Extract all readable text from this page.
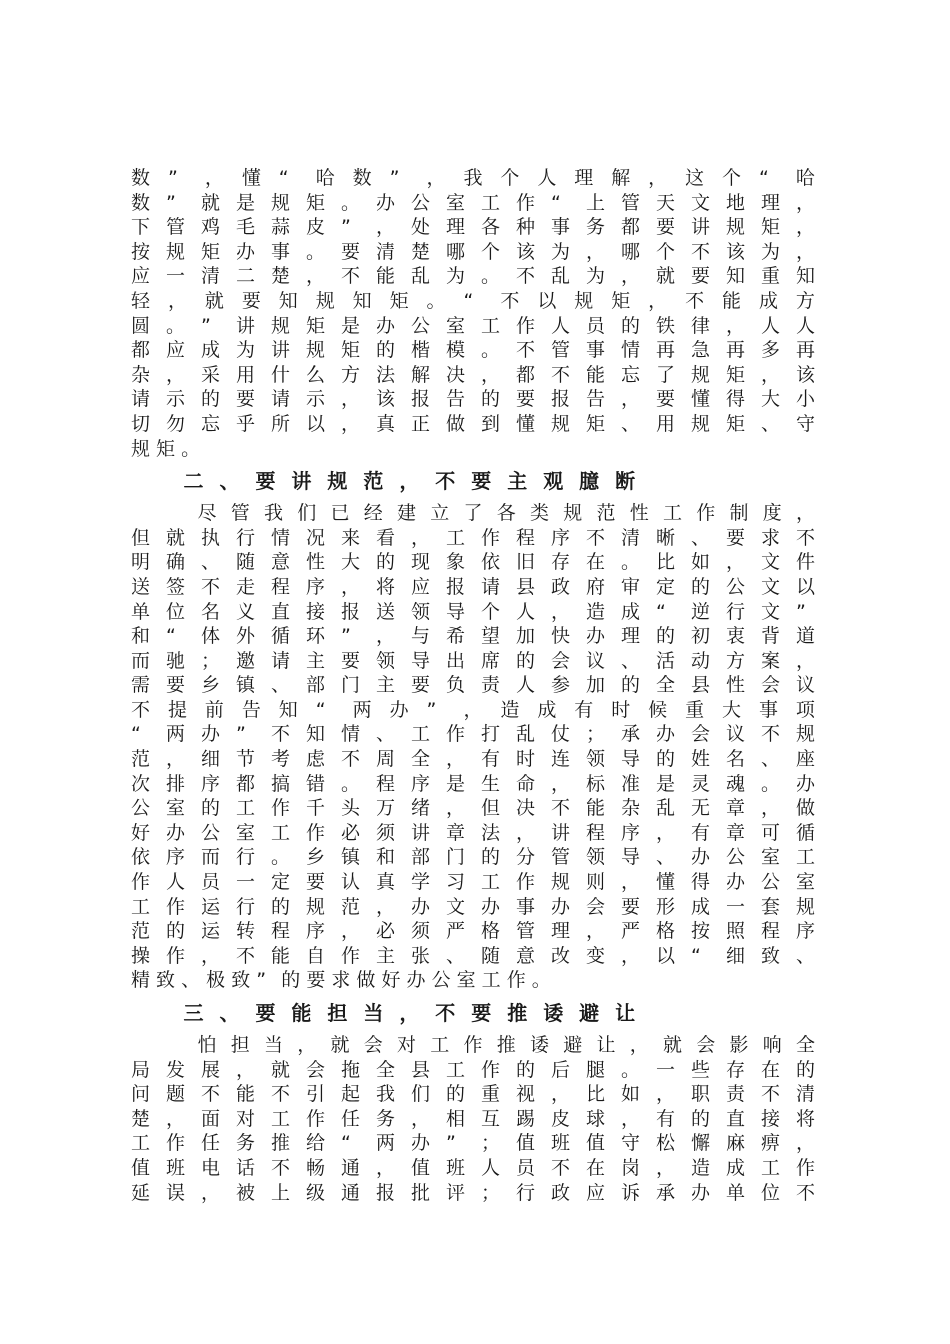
数 ” ， 懂 “ 哈 数 ” ， 我 个 人 理 解 ， 这 个 “ 哈
数 ” 就 是 规 矩 。 办 公 室 工 作 “ 上 管 天 文 地 理 ，
下 管 鸡 毛 蒜 皮 ” ， 处 理 各 种 事 务 都 要 讲 规 矩 ，
按 规 矩 办 事 。 要 清 楚 哪 个 该 为 ， 哪 个 不 该 为 ，
应 一 清 二 楚 ， 不 能 乱 为 。 不 乱 为 ， 就 要 知 重 知
轻 ， 就 要 知 规 知 矩 。 “ 不 以 规 矩 ， 不 能 成 方
圆 。 ” 讲 规 矩 是 办 公 室 工 作 人 员 的 铁 律 ， 人 人
都 应 成 为 讲 规 矩 的 楷 模 。 不 管 事 情 再 急 再 多 再
杂 ， 采 用 什 么 方 法 解 决 ， 都 不 能 忘 了 规 矩 ， 该
请 示 的 要 请 示 ， 该 报 告 的 要 报 告 ， 要 懂 得 大 小
切 勿 忘 乎 所 以 ， 真 正 做 到 懂 规 矩 、 用 规 矩 、 守
规 矩 。
二 、 要 讲 规 范 ， 不 要 主 观 臆 断
　 　 尽 管 我 们 已 经 建 立 了 各 类 规 范 性 工 作 制 度 ，
但 就 执 行 情 况 来 看 ， 工 作 程 序 不 清 晰 、 要 求 不
明 确 、 随 意 性 大 的 现 象 依 旧 存 在 。 比 如 ， 文 件
送 签 不 走 程 序 ， 将 应 报 请 县 政 府 审 定 的 公 文 以
单 位 名 义 直 接 报 送 领 导 个 人 ， 造 成 “ 逆 行 文 ”
和 “ 体 外 循 环 ” ， 与 希 望 加 快 办 理 的 初 衷 背 道
而 驰 ； 邀 请 主 要 领 导 出 席 的 会 议 、 活 动 方 案 ，
需 要 乡 镇 、 部 门 主 要 负 责 人 参 加 的 全 县 性 会 议
不 提 前 告 知 “ 两 办 ” ， 造 成 有 时 候 重 大 事 项
“ 两 办 ” 不 知 情 、 工 作 打 乱 仗 ； 承 办 会 议 不 规
范 ， 细 节 考 虑 不 周 全 ， 有 时 连 领 导 的 姓 名 、 座
次 排 序 都 搞 错 。 程 序 是 生 命 ， 标 准 是 灵 魂 。 办
公 室 的 工 作 千 头 万 绪 ， 但 决 不 能 杂 乱 无 章 ， 做
好 办 公 室 工 作 必 须 讲 章 法 ， 讲 程 序 ， 有 章 可 循
依 序 而 行 。 乡 镇 和 部 门 的 分 管 领 导 、 办 公 室 工
作 人 员 一 定 要 认 真 学 习 工 作 规 则 ， 懂 得 办 公 室
工 作 运 行 的 规 范 ， 办 文 办 事 办 会 要 形 成 一 套 规
范 的 运 转 程 序 ， 必 须 严 格 管 理 ， 严 格 按 照 程 序
操 作 ， 不 能 自 作 主 张 、 随 意 改 变 ， 以 “ 细 致 、
精 致 、 极 致 ” 的 要 求 做 好 办 公 室 工 作 。
三 、 要 能 担 当 ， 不 要 推 诿 避 让
　 　 怕 担 当 ， 就 会 对 工 作 推 诿 避 让 ， 就 会 影 响 全
局 发 展 ， 就 会 拖 全 县 工 作 的 后 腿 。 一 些 存 在 的
问 题 不 能 不 引 起 我 们 的 重 视 ， 比 如 ， 职 责 不 清
楚 ， 面 对 工 作 任 务 ， 相 互 踢 皮 球 ， 有 的 直 接 将
工 作 任 务 推 给 “ 两 办 ” ； 值 班 值 守 松 懈 麻 痹 ，
值 班 电 话 不 畅 通 ， 值 班 人 员 不 在 岗 ， 造 成 工 作
延 误 ， 被 上 级 通 报 批 评 ； 行 政 应 诉 承 办 单 位 不
